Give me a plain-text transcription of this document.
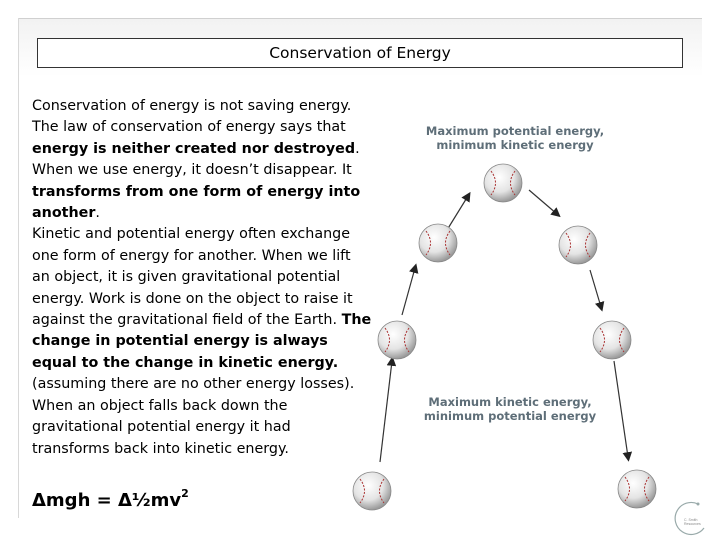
Conservation of Energy
Conservation of energy is not saving energy. The law of conservation of energy says that energy is neither created nor destroyed. When we use energy, it doesn’t disappear. It transforms from one form of energy into another.
Kinetic and potential energy often exchange one form of energy for another. When we lift an object, it is given gravitational potential energy. Work is done on the object to raise it against the gravitational field of the Earth. The change in potential energy is always equal to the change in kinetic energy. (assuming there are no other energy losses). When an object falls back down the gravitational potential energy it had transforms back into kinetic energy.
$\Delta mgh = \Delta\frac{1}{2}mv^2$
Maximum potential energy,
minimum kinetic energy
Maximum kinetic energy,
minimum potential energy
C. Smith
Resources
